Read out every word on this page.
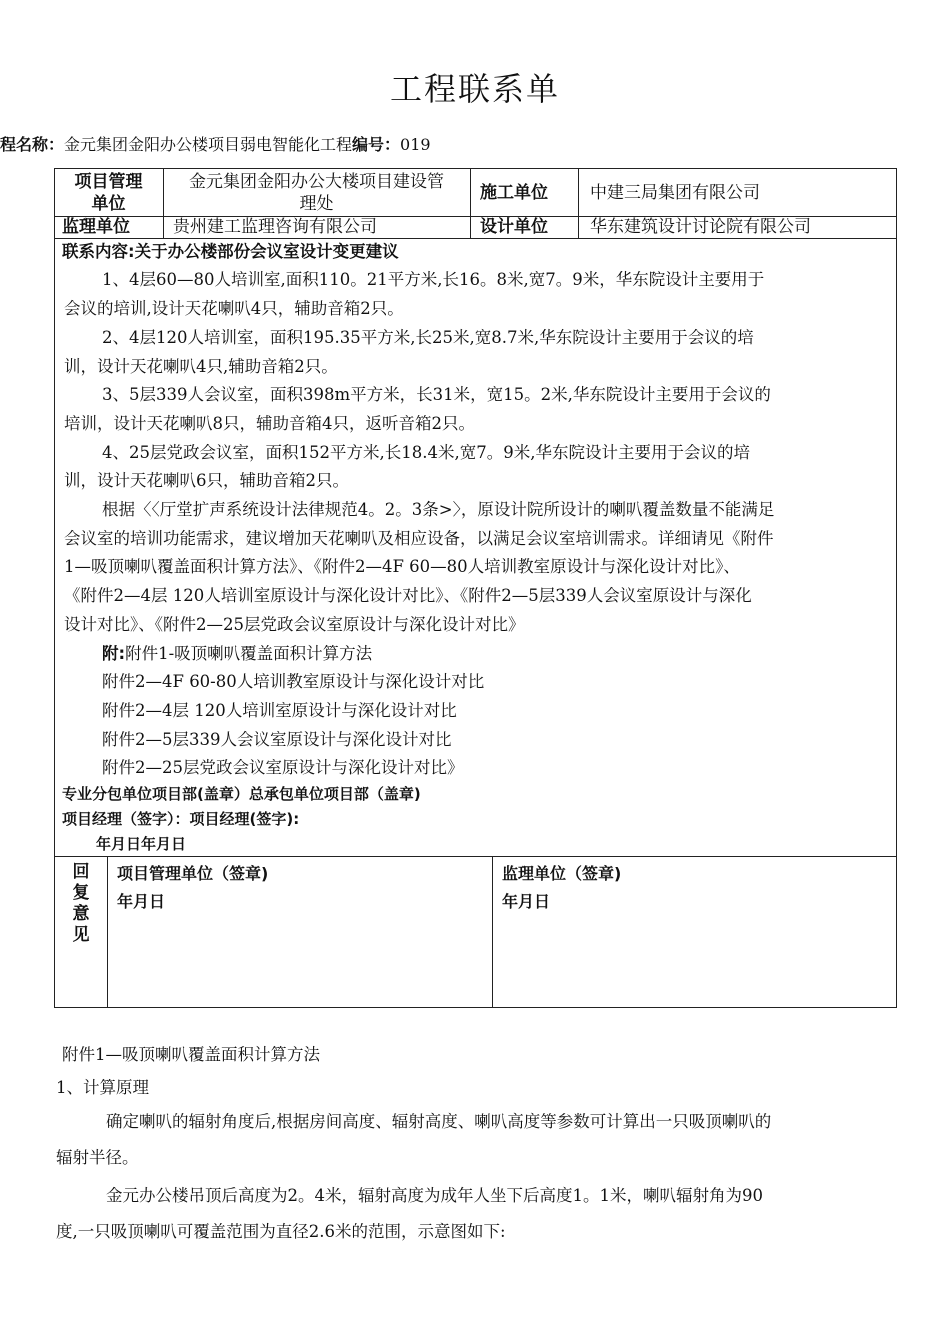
工程联系单
程名称：金元集团金阳办公楼项目弱电智能化工程编号：019
项目管理
单位
金元集团金阳办公大楼项目建设管
理处
施工单位 中建三局集团有限公司
监理单位	贵州建工监理咨询有限公司	设计单位 华东建筑设计讨论院有限公司
联系内容:关于办公楼部份会议室设计变更建议
1、4层60—80人培训室,面积110。21平方米,长16。8米,宽7。9米，华东院设计主要用于
会议的培训,设计天花喇叭4只，辅助音箱2只。
2、4层120人培训室，面积195.35平方米,长25米,宽8.7米,华东院设计主要用于会议的培
训，设计天花喇叭4只,辅助音箱2只。
3、5层339人会议室，面积398m平方米，长31米，宽15。2米,华东院设计主要用于会议的
培训，设计天花喇叭8只，辅助音箱4只，返听音箱2只。
4、25层党政会议室，面积152平方米,长18.4米,宽7。9米,华东院设计主要用于会议的培
训，设计天花喇叭6只，辅助音箱2只。
根据〈〈厅堂扩声系统设计法律规范4。2。3条>〉，原设计院所设计的喇叭覆盖数量不能满足
会议室的培训功能需求，建议增加天花喇叭及相应设备，以满足会议室培训需求。详细请见《附件
1—吸顶喇叭覆盖面积计算方法》、《附件2—4F 60—80人培训教室原设计与深化设计对比》、
《附件2—4层 120人培训室原设计与深化设计对比》、《附件2—5层339人会议室原设计与深化
设计对比》、《附件2—25层党政会议室原设计与深化设计对比》
附:附件1-吸顶喇叭覆盖面积计算方法
附件2—4F 60-80人培训教室原设计与深化设计对比
附件2—4层 120人培训室原设计与深化设计对比
附件2—5层339人会议室原设计与深化设计对比
附件2—25层党政会议室原设计与深化设计对比》
专业分包单位项目部(盖章）总承包单位项目部（盖章)
项目经理（签字）：项目经理(签字):
年月日年月日
回
复
意
见
项目管理单位（签章)
年月日
监理单位（签章)
年月日
附件1—吸顶喇叭覆盖面积计算方法
1、计算原理
确定喇叭的辐射角度后,根据房间高度、辐射高度、喇叭高度等参数可计算出一只吸顶喇叭的
辐射半径。
金元办公楼吊顶后高度为2。4米，辐射高度为成年人坐下后高度1。1米，喇叭辐射角为90
度,一只吸顶喇叭可覆盖范围为直径2.6米的范围，示意图如下:
